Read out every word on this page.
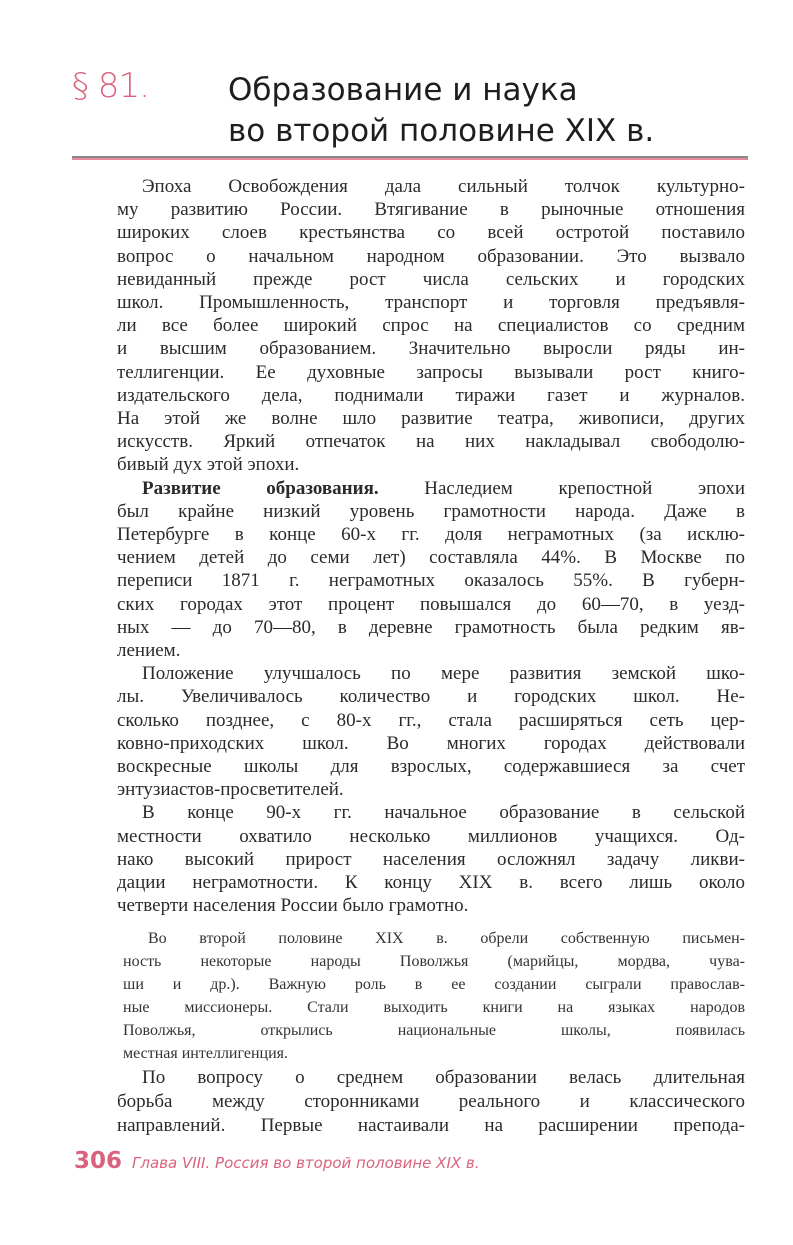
§ 81.	Образование и наука
во второй половине XIX в.
Эпоха Освобождения дала сильный толчок культурно-
му развитию России. Втягивание в рыночные отношения
широких слоев крестьянства со всей остротой поставило
вопрос о начальном народном образовании. Это вызвало
невиданный прежде рост числа сельских и городских
школ. Промышленность, транспорт и торговля предъявля-
ли все более широкий спрос на специалистов со средним
и высшим образованием. Значительно выросли ряды ин-
теллигенции. Ее духовные запросы вызывали рост книго-
издательского дела, поднимали тиражи газет и журналов.
На этой же волне шло развитие театра, живописи, других
искусств. Яркий отпечаток на них накладывал свободолю-
бивый дух этой эпохи.
Развитие образования. Наследием крепостной эпохи
был крайне низкий уровень грамотности народа. Даже в
Петербурге в конце 60-х гг. доля неграмотных (за исклю-
чением детей до семи лет) составляла 44%. В Москве по
переписи 1871 г. неграмотных оказалось 55%. В губерн-
ских городах этот процент повышался до 60—70, в уезд-
ных — до 70—80, в деревне грамотность была редким яв-
лением.
Положение улучшалось по мере развития земской шко-
лы. Увеличивалось количество и городских школ. Не-
сколько позднее, с 80-х гг., стала расширяться сеть цер-
ковно-приходских школ. Во многих городах действовали
воскресные школы для взрослых, содержавшиеся за счет
энтузиастов-просветителей.
В конце 90-х гг. начальное образование в сельской
местности охватило несколько миллионов учащихся. Од-
нако высокий прирост населения осложнял задачу ликви-
дации неграмотности. К концу XIX в. всего лишь около
четверти населения России было грамотно.
Во второй половине XIX в. обрели собственную письмен-
ность некоторые народы Поволжья (марийцы, мордва, чува-
ши и др.). Важную роль в ее создании сыграли православ-
ные миссионеры. Стали выходить книги на языках народов
Поволжья, открылись национальные школы, появилась
местная интеллигенция.
По вопросу о среднем образовании велась длительная
борьба между сторонниками реального и классического
направлений. Первые настаивали на расширении препода-
306 Глава VIII. Россия во второй половине XIX в.
